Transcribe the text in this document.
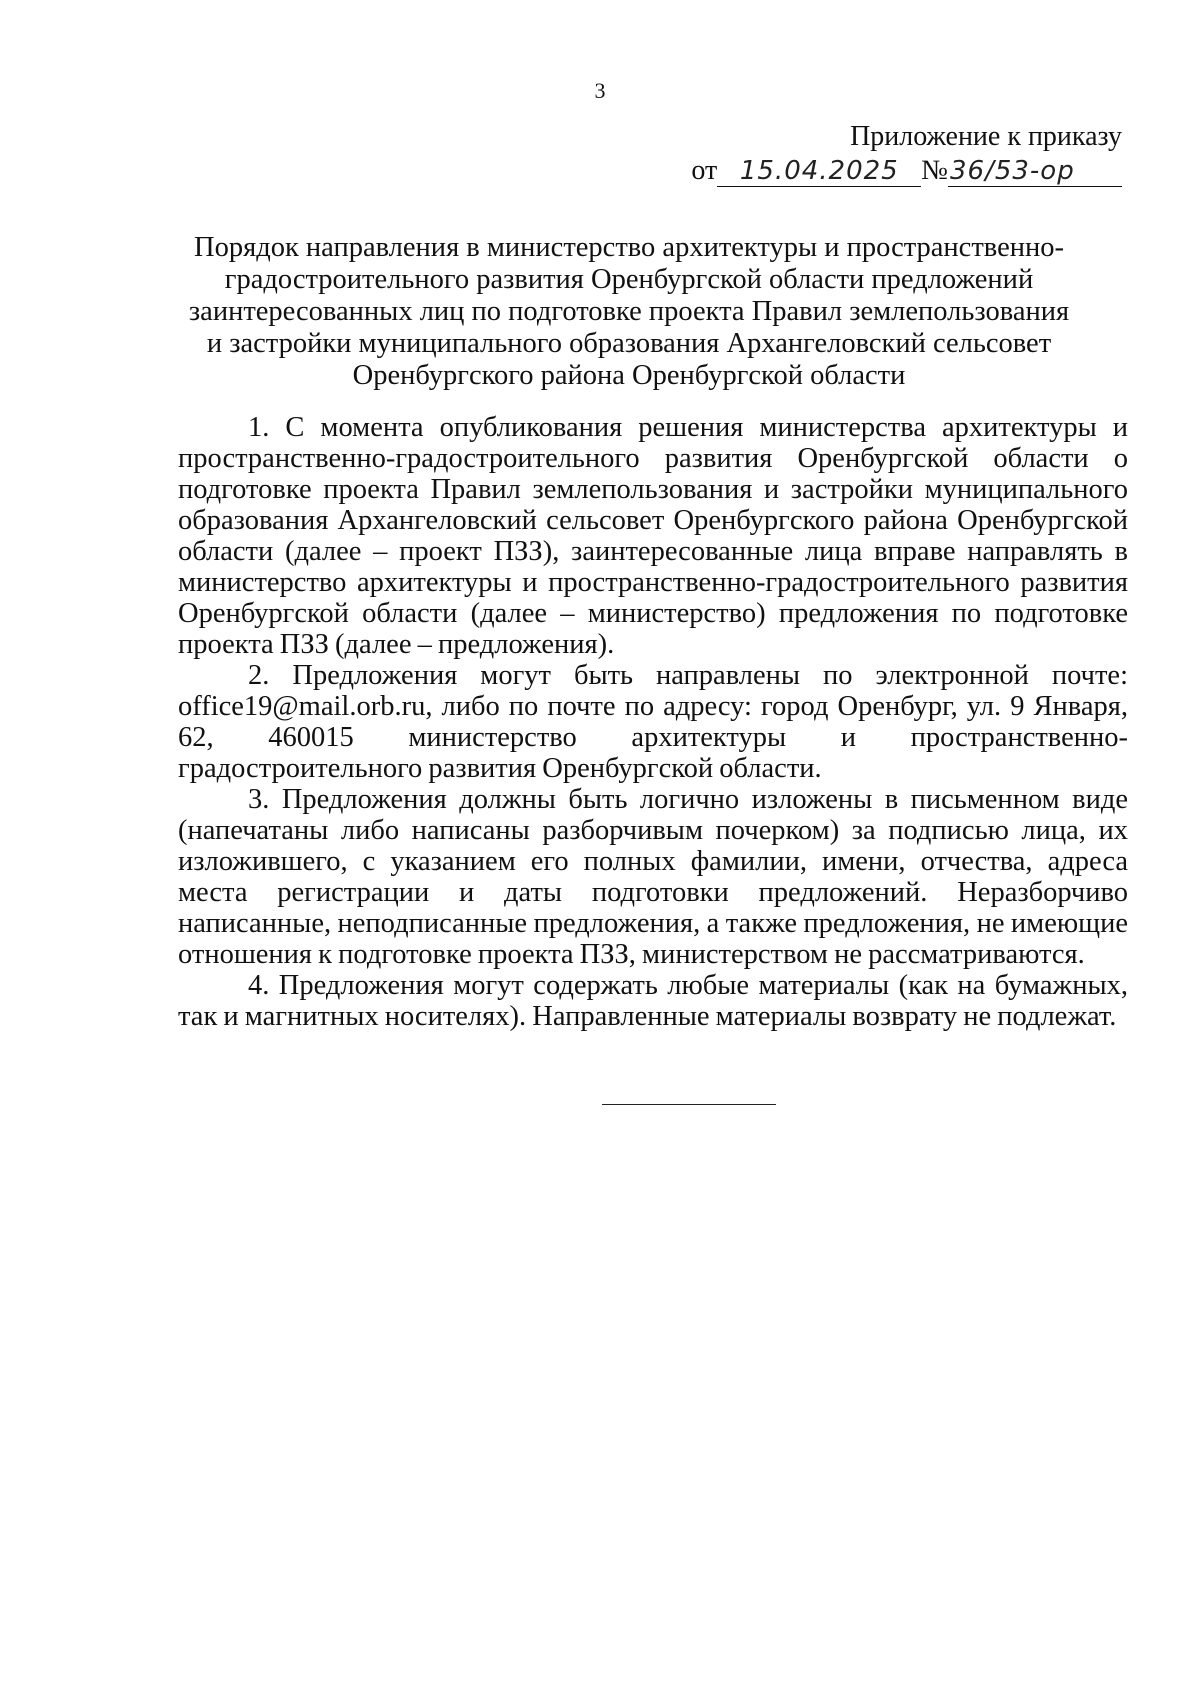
3
Приложение к приказу
от 15.04.2025 № 36/53-ор
Порядок направления в министерство архитектуры и пространственно-
градостроительного развития Оренбургской области предложений
заинтересованных лиц по подготовке проекта Правил землепользования
и застройки муниципального образования Архангеловский сельсовет
Оренбургского района Оренбургской области

1. С момента опубликования решения министерства архитектуры и пространственно-градостроительного развития Оренбургской области о подготовке проекта Правил землепользования и застройки муниципального образования Архангеловский сельсовет Оренбургского района Оренбургской области (далее – проект ПЗЗ), заинтересованные лица вправе направлять в министерство архитектуры и пространственно-градостроительного развития Оренбургской области (далее – министерство) предложения по подготовке проекта ПЗЗ (далее – предложения).

2. Предложения могут быть направлены по электронной почте: office19@mail.orb.ru, либо по почте по адресу: город Оренбург, ул. 9 Января, 62, 460015 министерство архитектуры и пространственно-градостроительного развития Оренбургской области.

3. Предложения должны быть логично изложены в письменном виде (напечатаны либо написаны разборчивым почерком) за подписью лица, их изложившего, с указанием его полных фамилии, имени, отчества, адреса места регистрации и даты подготовки предложений. Неразборчиво написанные, неподписанные предложения, а также предложения, не имеющие отношения к подготовке проекта ПЗЗ, министерством не рассматриваются.

4. Предложения могут содержать любые материалы (как на бумажных, так и магнитных носителях). Направленные материалы возврату не подлежат.
